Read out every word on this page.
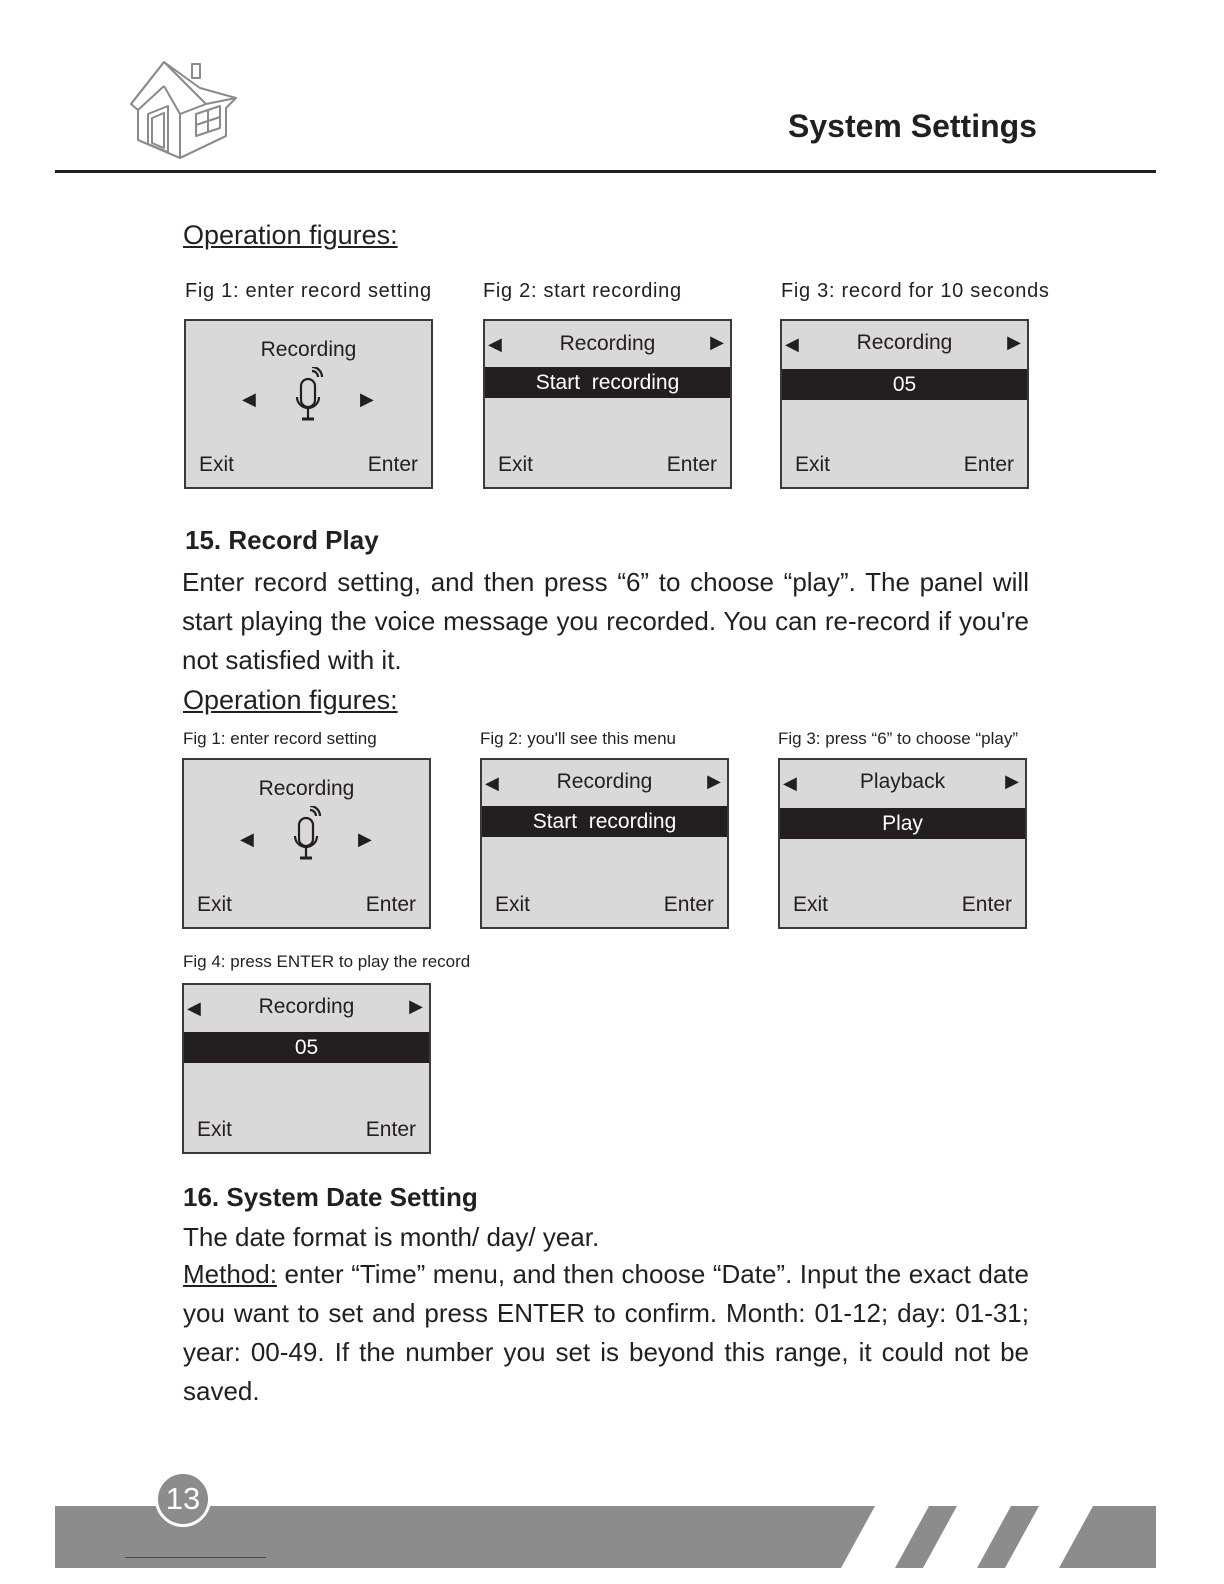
System Settings
Operation figures:
Fig 1: enter record setting	Fig 2: start recording	Fig 3: record for 10 seconds
Recording
◀	▶
Exit	Enter
◀	Recording	▶
Start  recording
Exit	Enter
◀	Recording	▶
05
Exit	Enter
15. Record Play
Enter record setting, and then press “6” to choose “play”. The panel will start playing the voice message you recorded. You can re-record if you're not satisfied with it.
Operation figures:
Fig 1: enter record setting	Fig 2: you'll see this menu	Fig 3: press “6” to choose “play”
Recording
◀	▶
Exit	Enter
◀	Recording	▶
Start  recording
Exit	Enter
◀	Playback	▶
Play
Exit	Enter
Fig 4: press ENTER to play the record
◀	Recording	▶
05
Exit	Enter
16. System Date Setting
The date format is month/ day/ year.
Method: enter “Time” menu, and then choose “Date”. Input the exact date you want to set and press ENTER to confirm. Month: 01-12; day: 01-31; year: 00-49. If the number you set is beyond this range, it could not be saved.
13
